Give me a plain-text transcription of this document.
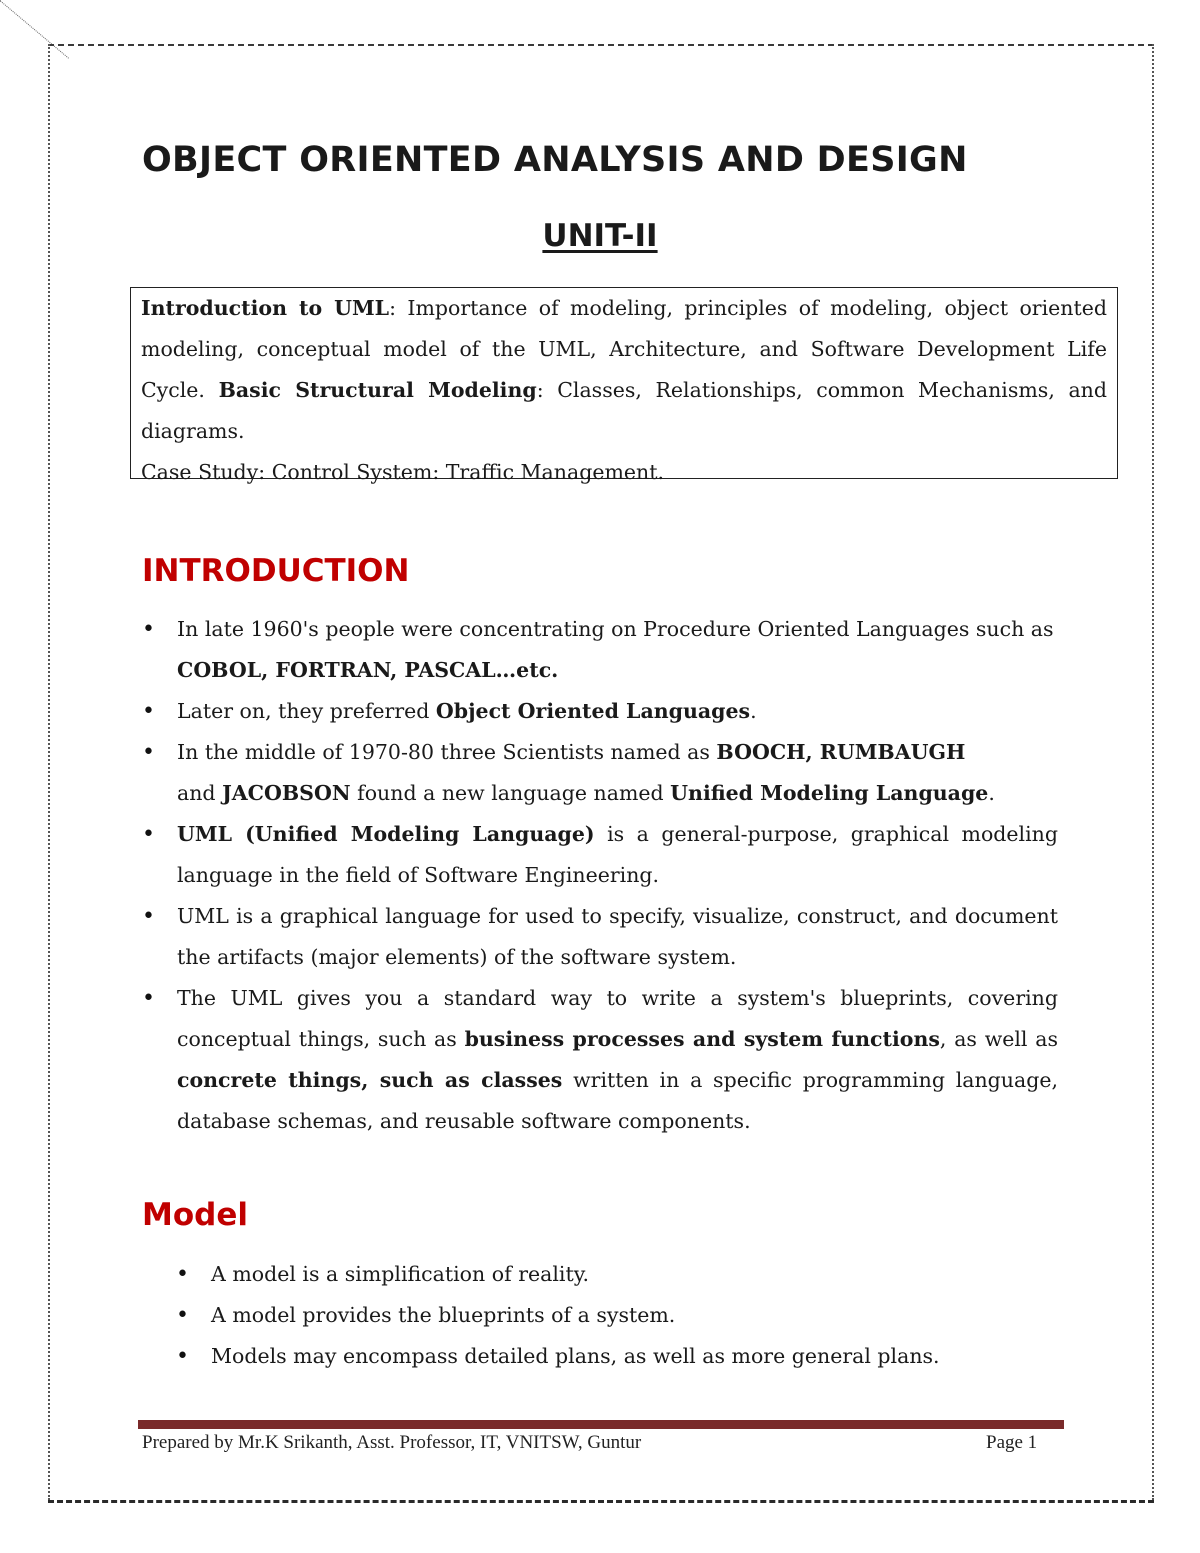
OBJECT ORIENTED ANALYSIS AND DESIGN
UNIT-II

Introduction to UML: Importance of modeling, principles of modeling, object oriented modeling, conceptual model of the UML, Architecture, and Software Development Life Cycle. Basic Structural Modeling: Classes, Relationships, common Mechanisms, and diagrams.

Case Study: Control System: Traffic Management.

INTRODUCTION
• In late 1960's people were concentrating on Procedure Oriented Languages such as COBOL, FORTRAN, PASCAL…etc.
• Later on, they preferred Object Oriented Languages.
• In the middle of 1970-80 three Scientists named as BOOCH, RUMBAUGH
and JACOBSON found a new language named Unified Modeling Language.
• UML (Unified Modeling Language) is a general-purpose, graphical modeling language in the field of Software Engineering.
• UML is a graphical language for used to specify, visualize, construct, and document the artifacts (major elements) of the software system.
• The UML gives you a standard way to write a system's blueprints, covering conceptual things, such as business processes and system functions, as well as concrete things, such as classes written in a specific programming language, database schemas, and reusable software components.
Model
• A model is a simplification of reality.
• A model provides the blueprints of a system.
• Models may encompass detailed plans, as well as more general plans.
Prepared by Mr.K Srikanth, Asst. Professor, IT, VNITSW, Guntur	Page 1
